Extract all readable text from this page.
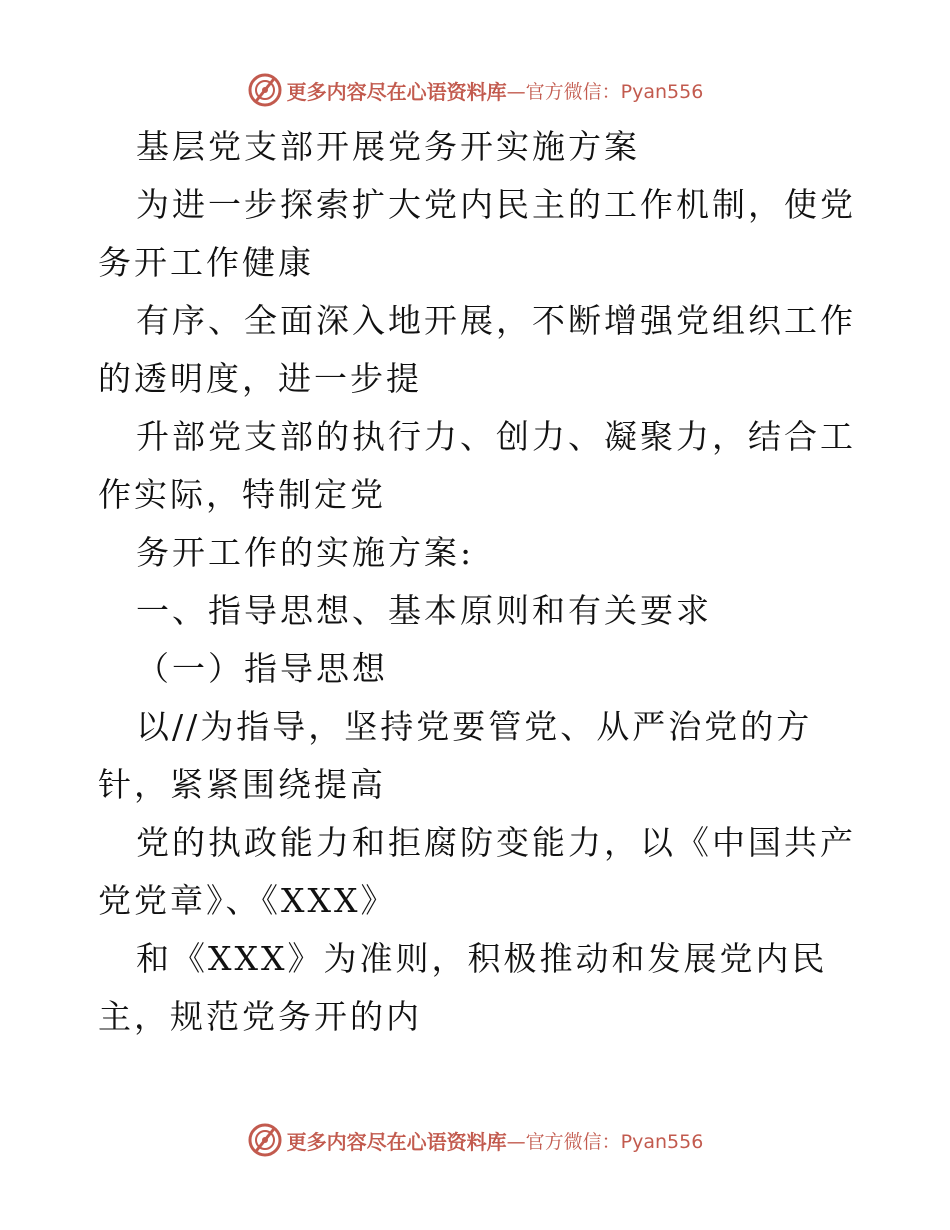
更多内容尽在心语资料库 —官方微信：Pyan556

基层党支部开展党务开实施方案

为进一步探索扩大党内民主的工作机制，使党务开工作健康

有序、全面深入地开展，不断增强党组织工作的透明度，进一步提

升部党支部的执行力、创力、凝聚力，结合工作实际，特制定党

务开工作的实施方案:

一、指导思想、基本原则和有关要求

（一）指导思想

以//为指导，坚持党要管党、从严治党的方针，紧紧围绕提高

党的执政能力和拒腐防变能力，以《中国共产党党章》、《XXX》

和《XXX》为准则，积极推动和发展党内民主，规范党务开的内

更多内容尽在心语资料库 —官方微信：Pyan556
